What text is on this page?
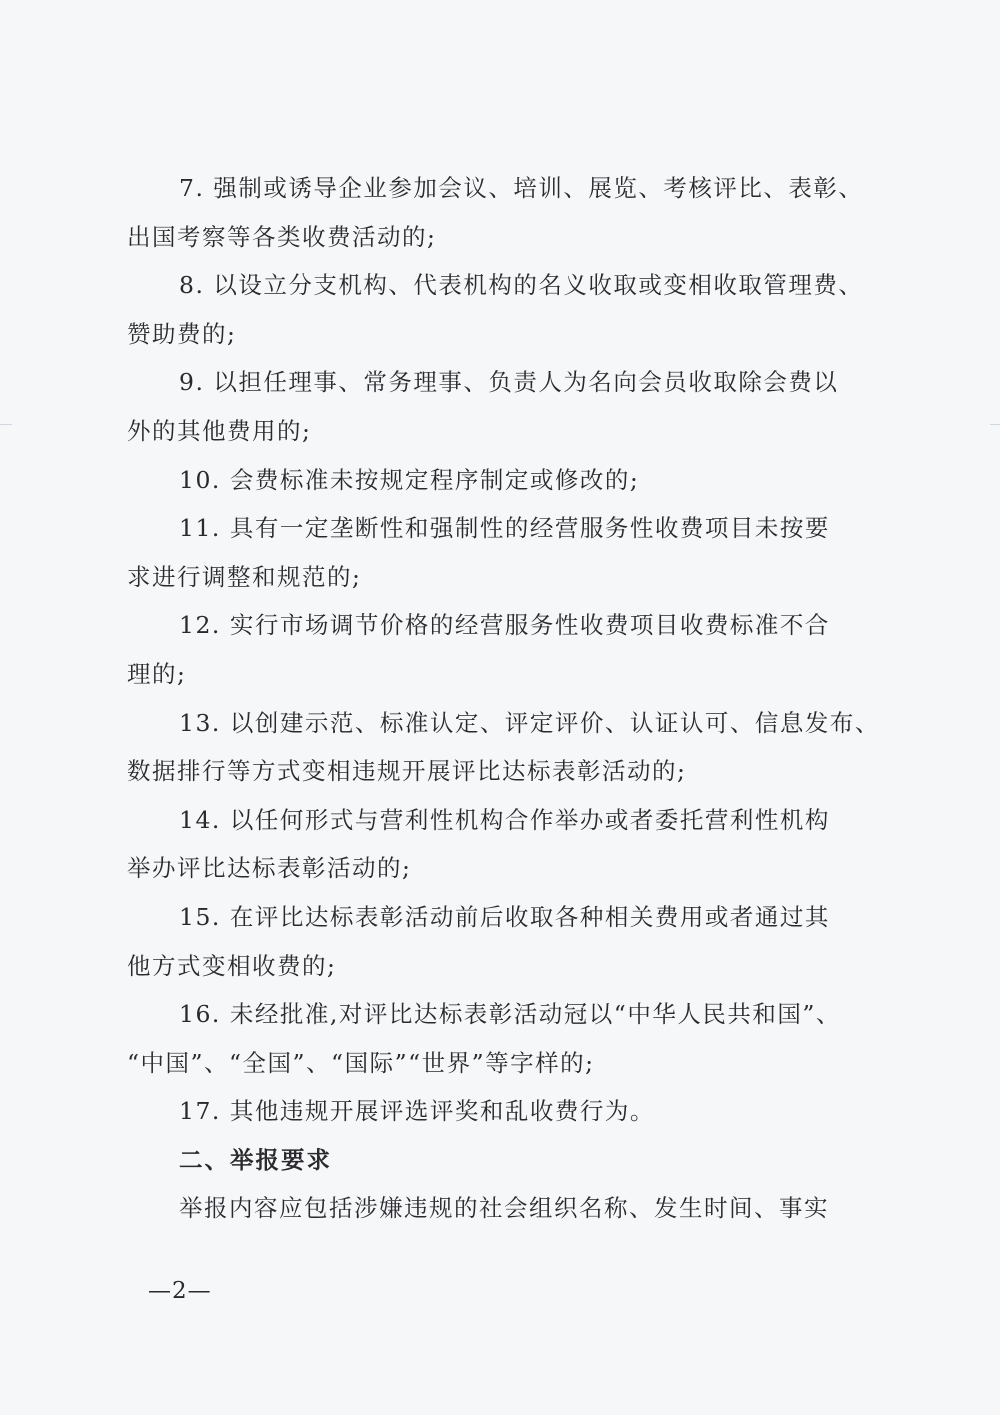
7. 强制或诱导企业参加会议、培训、展览、考核评比、表彰、
出国考察等各类收费活动的;
8. 以设立分支机构、代表机构的名义收取或变相收取管理费、
赞助费的;
9. 以担任理事、常务理事、负责人为名向会员收取除会费以
外的其他费用的;
10. 会费标准未按规定程序制定或修改的;
11. 具有一定垄断性和强制性的经营服务性收费项目未按要
求进行调整和规范的;
12. 实行市场调节价格的经营服务性收费项目收费标准不合
理的;
13. 以创建示范、标准认定、评定评价、认证认可、信息发布、
数据排行等方式变相违规开展评比达标表彰活动的;
14. 以任何形式与营利性机构合作举办或者委托营利性机构
举办评比达标表彰活动的;
15. 在评比达标表彰活动前后收取各种相关费用或者通过其
他方式变相收费的;
16. 未经批准,对评比达标表彰活动冠以“中华人民共和国”、
“中国”、“全国”、“国际”“世界”等字样的;
17. 其他违规开展评选评奖和乱收费行为。
二、举报要求
举报内容应包括涉嫌违规的社会组织名称、发生时间、事实
—2—
